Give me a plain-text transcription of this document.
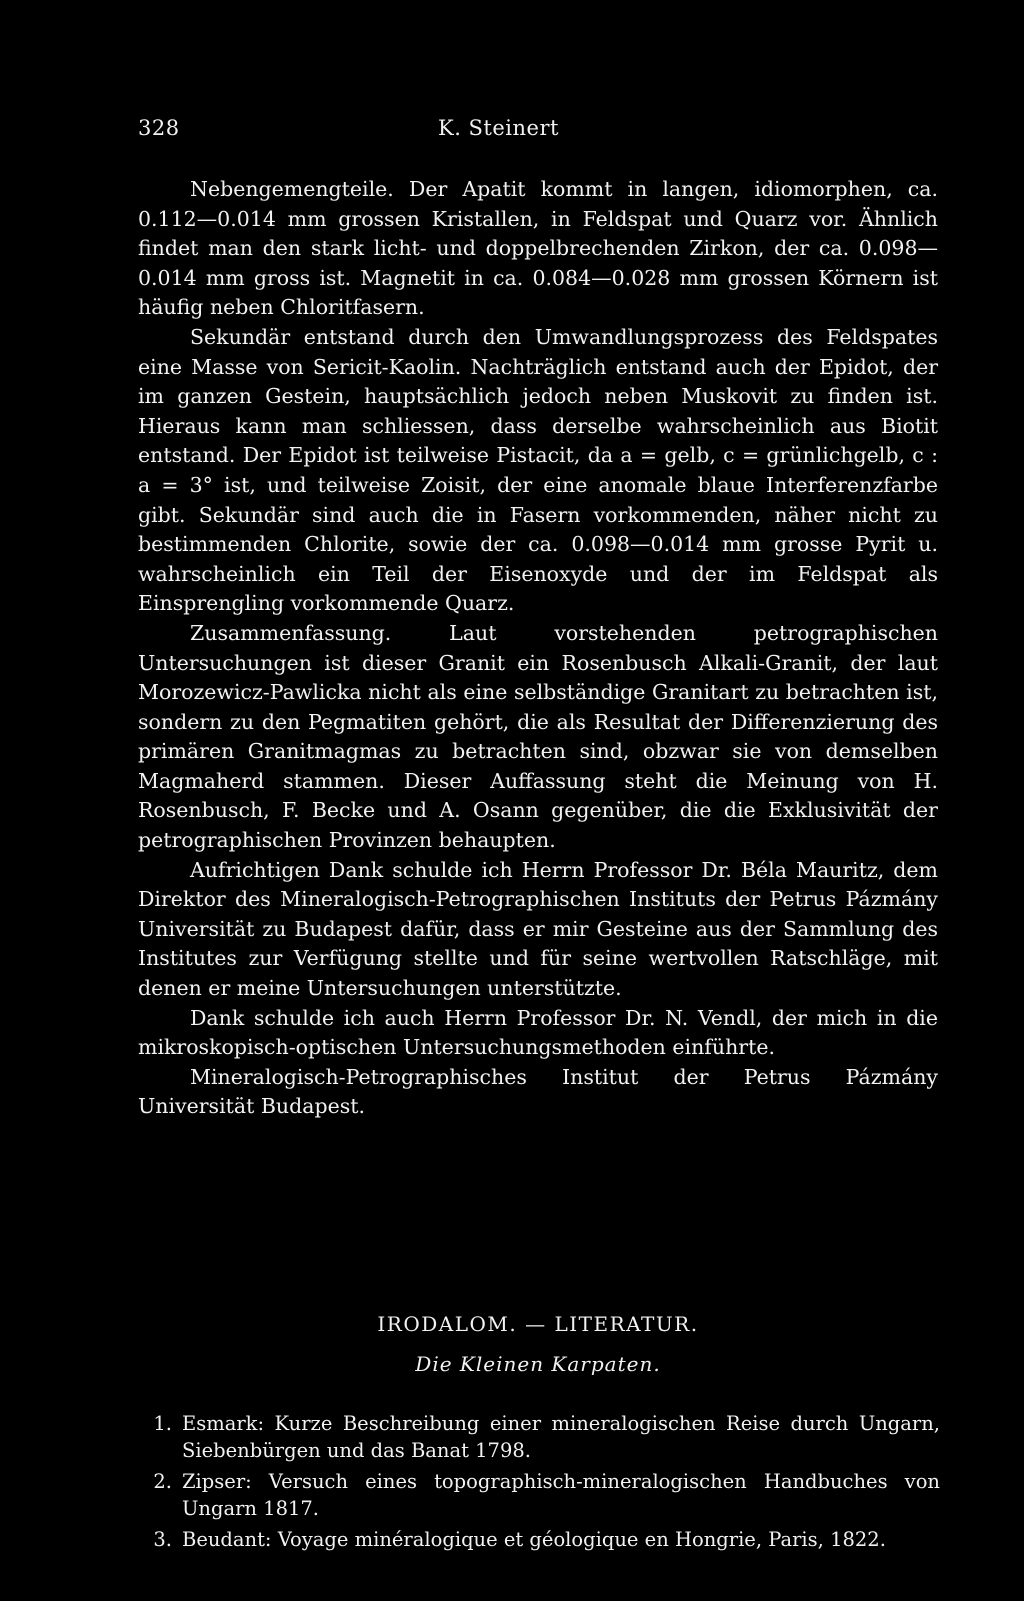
328	K. Steinert

Nebengemengteile. Der Apatit kommt in langen, idiomorphen, ca. 0.112—0.014 mm grossen Kristallen, in Feldspat und Quarz vor. Ähnlich findet man den stark licht- und doppelbrechenden Zirkon, der ca. 0.098—0.014 mm gross ist. Magnetit in ca. 0.084—0.028 mm grossen Körnern ist häufig neben Chloritfasern.

Sekundär entstand durch den Umwandlungsprozess des Feldspates eine Masse von Sericit-Kaolin. Nachträglich entstand auch der Epidot, der im ganzen Gestein, hauptsächlich jedoch neben Muskovit zu finden ist. Hieraus kann man schliessen, dass derselbe wahrscheinlich aus Biotit entstand. Der Epidot ist teilweise Pistacit, da a = gelb, c = grünlichgelb, c : a = 3° ist, und teilweise Zoisit, der eine anomale blaue Interferenzfarbe gibt. Sekundär sind auch die in Fasern vorkommenden, näher nicht zu bestimmenden Chlorite, sowie der ca. 0.098—0.014 mm grosse Pyrit u. wahrscheinlich ein Teil der Eisenoxyde und der im Feldspat als Einsprengling vorkommende Quarz.

Zusammenfassung. Laut vorstehenden petrographischen Untersuchungen ist dieser Granit ein Rosenbusch Alkali-Granit, der laut Morozewicz-Pawlicka nicht als eine selbständige Granitart zu betrachten ist, sondern zu den Pegmatiten gehört, die als Resultat der Differenzierung des primären Granitmagmas zu betrachten sind, obzwar sie von demselben Magmaherd stammen. Dieser Auffassung steht die Meinung von H. Rosenbusch, F. Becke und A. Osann gegenüber, die die Exklusivität der petrographischen Provinzen behaupten.

Aufrichtigen Dank schulde ich Herrn Professor Dr. Béla Mauritz, dem Direktor des Mineralogisch-Petrographischen Instituts der Petrus Pázmány Universität zu Budapest dafür, dass er mir Gesteine aus der Sammlung des Institutes zur Verfügung stellte und für seine wertvollen Ratschläge, mit denen er meine Untersuchungen unterstützte.

Dank schulde ich auch Herrn Professor Dr. N. Vendl, der mich in die mikroskopisch-optischen Untersuchungsmethoden einführte.

Mineralogisch-Petrographisches Institut der Petrus Pázmány Universität Budapest.

IRODALOM. — LITERATUR.
Die Kleinen Karpaten.
1. Esmark: Kurze Beschreibung einer mineralogischen Reise durch Ungarn, Siebenbürgen und das Banat 1798.
2. Zipser: Versuch eines topographisch-mineralogischen Handbuches von Ungarn 1817.
3. Beudant: Voyage minéralogique et géologique en Hongrie, Paris, 1822.
